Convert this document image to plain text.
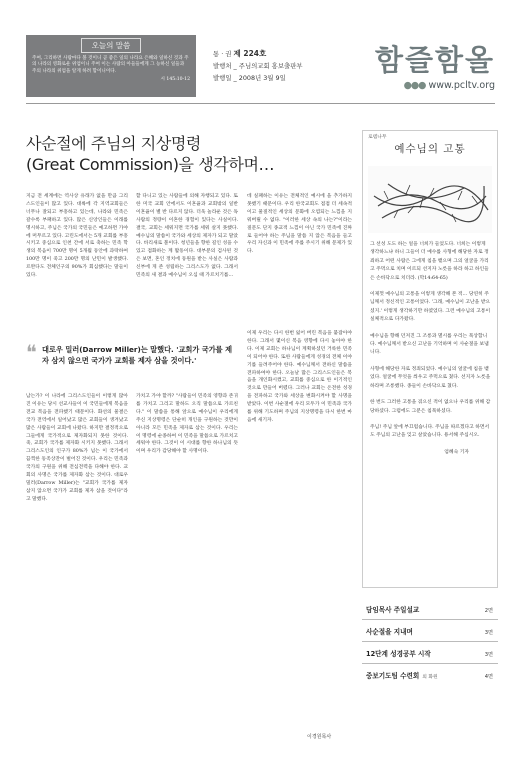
오늘의 말씀
주여, 그리하면 사람마다 볼 것이니 곧 좋은 일의 나라요 은혜와 일하신 것과 주의 나라의 영화로운 위엄이니 주여 이는 사람의 아들들에게 그 능하신 일들과 주의 나라의 위엄을 알게 하려 함이니이다.
시 145:10-12
통 · 권 제 224호
발행처 _ 주님의교회 홍보출판부
발행일 _ 2008년 3월 9일
함즐함올
●●● www.pcltv.org
사순절에 주님의 지상명령
(Great Commission)을 생각하며…
지금 전 세계에는 역사상 유래가 없을 만큼 그리스도인들이 많고 있다. 대륙에 각 지역교회들은 너무나 잘되고 부흥하고 있는데, 나라와 민족은 갈수록 부패하고 있다. 많은 신앙인들은 이래를 명시하고, 주님은 국가의 국민들은 예고하면 가야에 머무르고 있다. 고린도에서는 5개 교회를 부흥시키고 중심으로 인천 간에 서로 축하는 민족 학생의 복음이 700만 명이 5개월 동안에 과락하여 100만 명이 죽고 200만 명의 난민이 발생했다. 르완다도 전체인구의 90%가 회심했다는 말들이 있다.
할 다니고 있는 사람들에 의해 자행되고 있다. 또한 미국 교회 안에서도 이혼율과 교회밖의 일반 이혼율이 별 반 다르지 않다. 더욱 놀라운 것은 독사람의 정량이 이혼한 경험이 있다는 사실이다. 결국, 교회는 세워지면 국가를 세워 살지 못했다. 예수님의 말씀이 국가와 세상의 제자가 되고 말았다. 바리새로 볼이다. 청년들을 향한 길인 성을 수 있고 점화하는 계 활동이다. 대부분의 검사된 것은 보면, 혼인 정치에 동원을 받는 사실은 사람과 신부에 게 존 성립하는 그리스도가 없다. 그래서 민족의 새 결과 예수님이 오심 때 가르치기를…
데 실패하는 이유는 전체적인 예시에 을 추가하지 못했기 때문이다. 우리 한국교회도 점점 더 세속적이고 물질적인 세상의 문화에 오염되는 느낌을 지워버릴 수 없다. "이러한 세상 속의 나는?"이라는 질문도 단지 종교적 느낌이 아닌 국가 민족에 진짜로 들어야 하는 주님을 말씀 지 않은 복음을 들고 우리 자신과 이 민족에 주를 주시기 위해 문제가 있다.
❝ 대로우 밀러(Darrow Miller)는 말했다. '교회가 국가를 제자 삼지 않으면 국가가 교회를 제자 삼을 것이다.'
남는가? 이 나라에 그리스도인들이 이렇게 많아진 이유는 당시 선교사들이 이 국민들에게 복음을 전교 복음을 전파했기 때문이다. 화선의 물결은 국가 전역에서 일어났고 많은 교회들이 생겨났고 많은 사람들이 교회에 나왔다. 하지만 결정적으로 그들에게 국가적으로 제자화되지 못한 것이다. 죽, 교회가 국가를 제자화 시키지 못했다. 그래서 그리스도인의 인구가 80%가 넘는 이 국가에서 끔찍한 동족상잔이 벌어진 것이다. 우리는 민족과 국가의 구원을 위해 전심전력을 다해야 한다. 교회의 사명은 국가를 제자화 삼는 것이다. 대로우 밀러(Darrow Miller)는 "교회가 국가를 제자 삼지 않으면 국가가 교회를 제자 삼을 것이다"라고 말했다.
가치고 가야 할까? "사람들이 민족의 영향과 존귀를 가치고 그리고 말하도 오직 말씀으로 가르친다." 이 말씀을 통해 앞으로 예수님이 우리에게 주신 지상명령은 단순히 개인을 구원하는 것만이 아니라 모든 민족을 제자로 삼는 것이다. 우리는 이 명령에 순종하여 이 민족을 말씀으로 가르치고 세워야 한다. 그것이 이 시대를 향한 하나님의 뜻이며 우리가 감당해야 할 사명이다.
이제 우리는 다시 한번 잃어 버린 복음을 붙잡아야 한다. 그래서 몇이신 복음 영향에 다시 놓아야 한다. 이제 교회는 하나님이 계획하셨던 거룩한 민족이 되어야 한다. 또한 사람들에게 성경의 전체 이야기를 들려주어야 한다. 예수님께서 전하신 말씀을 전파하여야 한다. 오늘날 많은 그리스도인들은 복음을 개인화시켰고, 교회를 중심으로 한 이기적인 것으로 만들어 버렸다. 그러나 교회는 온전한 성경을 전파하고 국가와 세상을 변화시켜야 할 사명을 받았다. 이번 사순절에 우리 모두가 이 민족과 국가를 위해 기도하며 주님의 지상명령을 다시 한번 마음에 새기자.
이경원목사
로뎀나무
예수님의 고통

그 선성 도도 하는 얼을 너희가 들었도다. 너희는 이렇게 생각하느냐 하니 그들이 더 예수를 사형에 해당한 자로 정죄하고 어떤 사람은 그에게 침을 뱉으며 그의 얼굴을 가리고 주먹으로 치며 이르되 선지자 노릇을 하라 하고 하인들은 손바닥으로 치더라. (막14:64-65)

이제껏 예수님의 고통을 이렇게 생각해 본 적… 당연히 주님께서 정신적인 고통이었다. '그래, 예수님이 고난을 받으셨지.' 이렇게 생각하기만 하였었다. 그런 예수님의 고통이 실체적으로 다가왔다.

예수님을 향해 던져진 그 조롱과 멸시를 우리는 묵상합니다. 예수님께서 받으신 고난을 기억하며 이 사순절을 보냅니다.

사형에 해당한 자로 정죄되었다. 예수님의 얼굴에 침을 뱉었다. 얼굴에 무엇을 씌우고 주먹으로 쳤다. 선지자 노릇을 하라며 조롱했다. 종들이 손바닥으로 쳤다.

한 번도 그러한 고통을 겪으신 적이 없으나 우리를 위해 감당하셨다. 그럼에도 그분은 침묵하셨다.

주님! 주님 앞에 부끄럽습니다. 주님을 따르겠다고 하면서도 주님의 고난을 잊고 살았습니다. 용서해 주십시오.

엄혜숙 기자
담임목사 주일설교	2면
사순절을 지내며	3면
12단계 성경공부 시작	3면
중보기도팀 수련회 외 화원	4면
